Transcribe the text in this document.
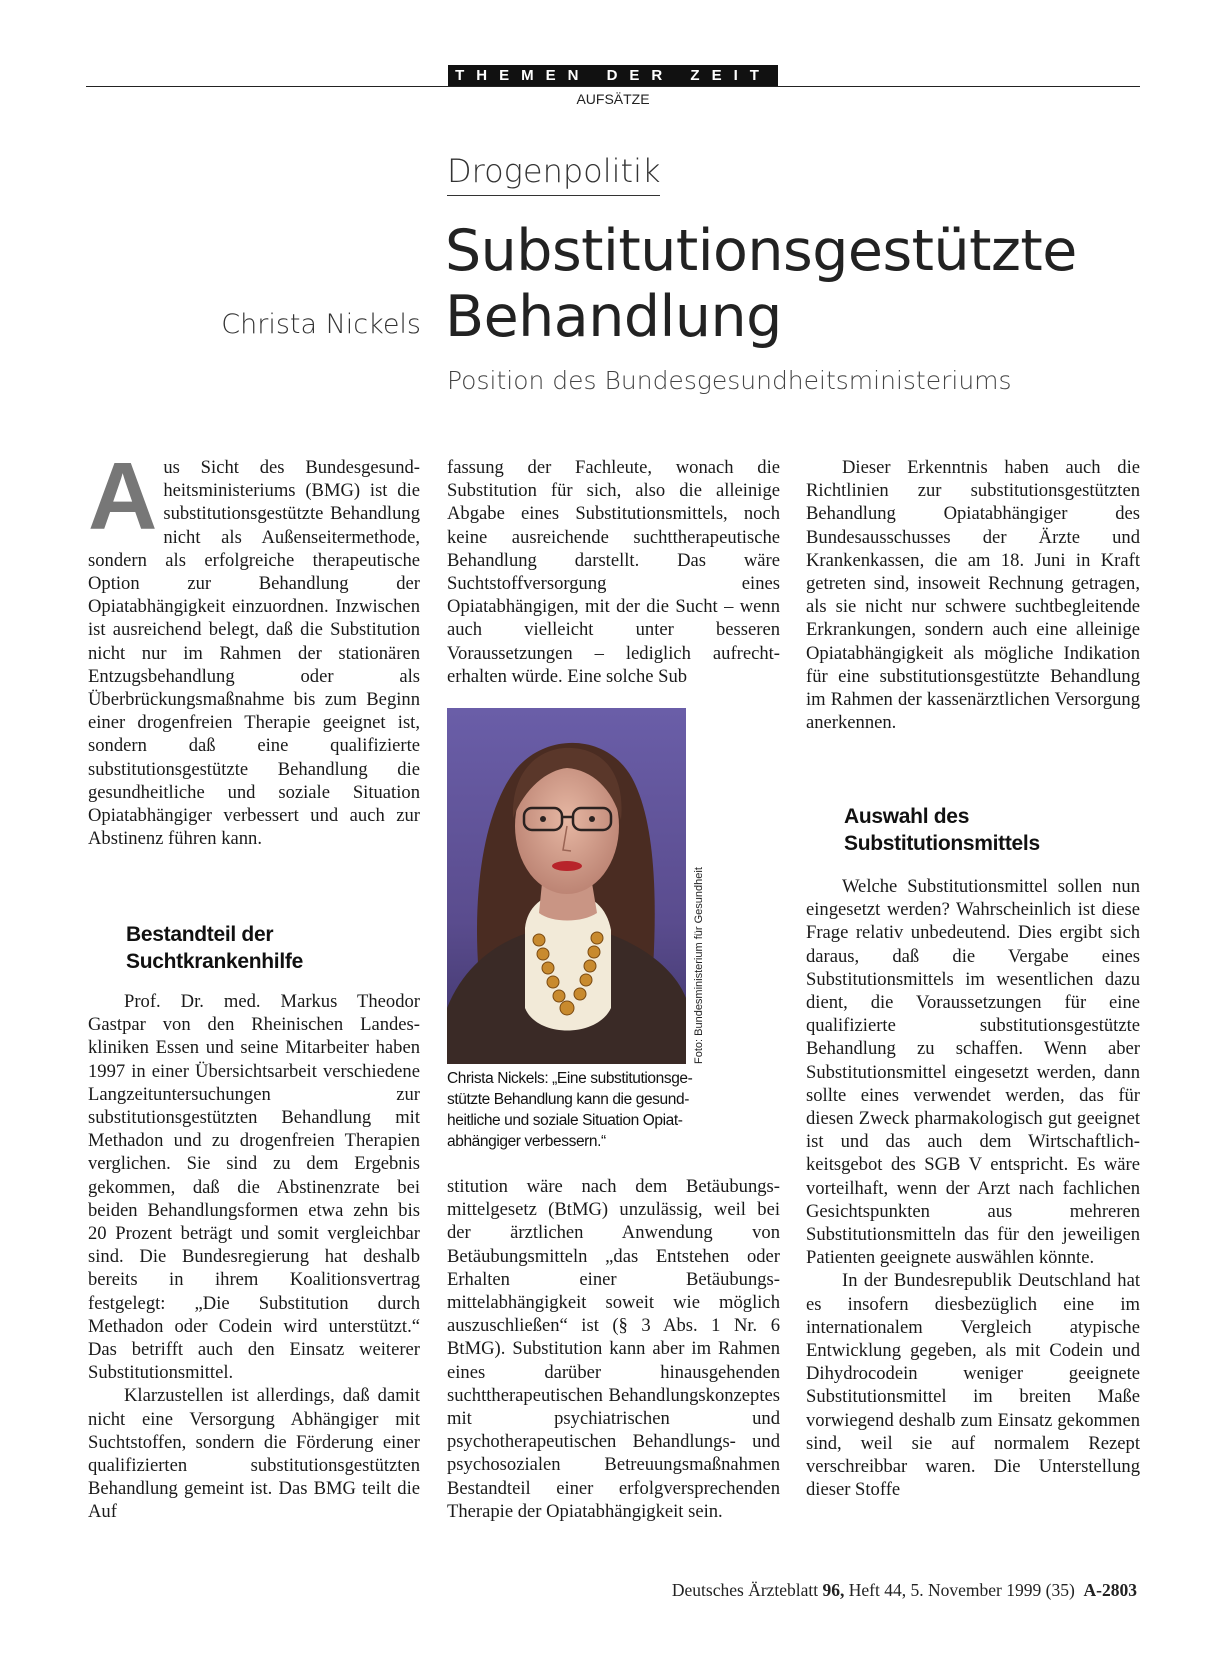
THEMEN DER ZEIT
AUFSÄTZE
Drogenpolitik
Substitutionsgestützte
Behandlung
Christa Nickels
Position des Bundesgesundheitsministeriums
A us Sicht des Bundesgesundheitsministeriums (BMG) ist die substitutionsgestützte Behandlung nicht als Außenseitermethode, sondern als erfolgreiche therapeutische Option zur Behandlung der Opiatabhängigkeit einzuordnen. Inzwischen ist ausreichend belegt, daß die Substitution nicht nur im Rahmen der stationären Entzugsbehandlung oder als Überbrückungsmaßnahme bis zum Beginn einer drogenfreien Therapie geeignet ist, sondern daß eine qualifizierte substitutionsgestützte Behandlung die gesundheitliche und soziale Situation Opiatabhängiger verbessert und auch zur Abstinenz führen kann.

Bestandteil der
Suchtkrankenhilfe

Prof. Dr. med. Markus Theodor Gastpar von den Rheinischen Landeskliniken Essen und seine Mitarbeiter haben 1997 in einer Übersichtsarbeit verschiedene Langzeituntersuchungen zur substitutionsgestützten Behandlung mit Methadon und zu drogenfreien Therapien verglichen. Sie sind zu dem Ergebnis gekommen, daß die Abstinenzrate bei beiden Behandlungsformen etwa zehn bis 20 Prozent beträgt und somit vergleichbar sind. Die Bundesregierung hat deshalb bereits in ihrem Koalitionsvertrag festgelegt: „Die Substitution durch Methadon oder Codein wird unterstützt.“ Das betrifft auch den Einsatz weiterer Substitutionsmittel.

Klarzustellen ist allerdings, daß damit nicht eine Versorgung Abhängiger mit Suchtstoffen, sondern die Förderung einer qualifizierten substitutionsgestützten Behandlung gemeint ist. Das BMG teilt die Auf

fassung der Fachleute, wonach die Substitution für sich, also die alleinige Abgabe eines Substitutionsmittels, noch keine ausreichende suchttherapeutische Behandlung darstellt. Das wäre Suchtstoffversorgung eines Opiatabhängigen, mit der die Sucht – wenn auch vielleicht unter besseren Voraussetzungen – lediglich aufrechterhalten würde. Eine solche Sub

Foto: Bundesministerium für Gesundheit
Christa Nickels: „Eine substitutionsgestützte Behandlung kann die gesundheitliche und soziale Situation Opiatabhängiger verbessern.“

stitution wäre nach dem Betäubungsmittelgesetz (BtMG) unzulässig, weil bei der ärztlichen Anwendung von Betäubungsmitteln „das Entstehen oder Erhalten einer Betäubungsmittelabhängigkeit soweit wie möglich auszuschließen“ ist (§ 3 Abs. 1 Nr. 6 BtMG). Substitution kann aber im Rahmen eines darüber hinausgehenden suchttherapeutischen Behandlungskonzeptes mit psychiatrischen und psychotherapeutischen Behandlungs- und psychosozialen Betreuungsmaßnahmen Bestandteil einer erfolgversprechenden Therapie der Opiatabhängigkeit sein.

Dieser Erkenntnis haben auch die Richtlinien zur substitutionsgestützten Behandlung Opiatabhängiger des Bundesausschusses der Ärzte und Krankenkassen, die am 18. Juni in Kraft getreten sind, insoweit Rechnung getragen, als sie nicht nur schwere suchtbegleitende Erkrankungen, sondern auch eine alleinige Opiatabhängigkeit als mögliche Indikation für eine substitutionsgestützte Behandlung im Rahmen der kassenärztlichen Versorgung anerkennen.

Auswahl des
Substitutionsmittels

Welche Substitutionsmittel sollen nun eingesetzt werden? Wahrscheinlich ist diese Frage relativ unbedeutend. Dies ergibt sich daraus, daß die Vergabe eines Substitutionsmittels im wesentlichen dazu dient, die Voraussetzungen für eine qualifizierte substitutionsgestützte Behandlung zu schaffen. Wenn aber Substitutionsmittel eingesetzt werden, dann sollte eines verwendet werden, das für diesen Zweck pharmakologisch gut geeignet ist und das auch dem Wirtschaftlichkeitsgebot des SGB V entspricht. Es wäre vorteilhaft, wenn der Arzt nach fachlichen Gesichtspunkten aus mehreren Substitutionsmitteln das für den jeweiligen Patienten geeignete auswählen könnte.

In der Bundesrepublik Deutschland hat es insofern diesbezüglich eine im internationalem Vergleich atypische Entwicklung gegeben, als mit Codein und Dihydrocodein weniger geeignete Substitutionsmittel im breiten Maße vorwiegend deshalb zum Einsatz gekommen sind, weil sie auf normalem Rezept verschreibbar waren. Die Unterstellung dieser Stoffe

Deutsches Ärzteblatt 96, Heft 44, 5. November 1999 (35) A-2803
